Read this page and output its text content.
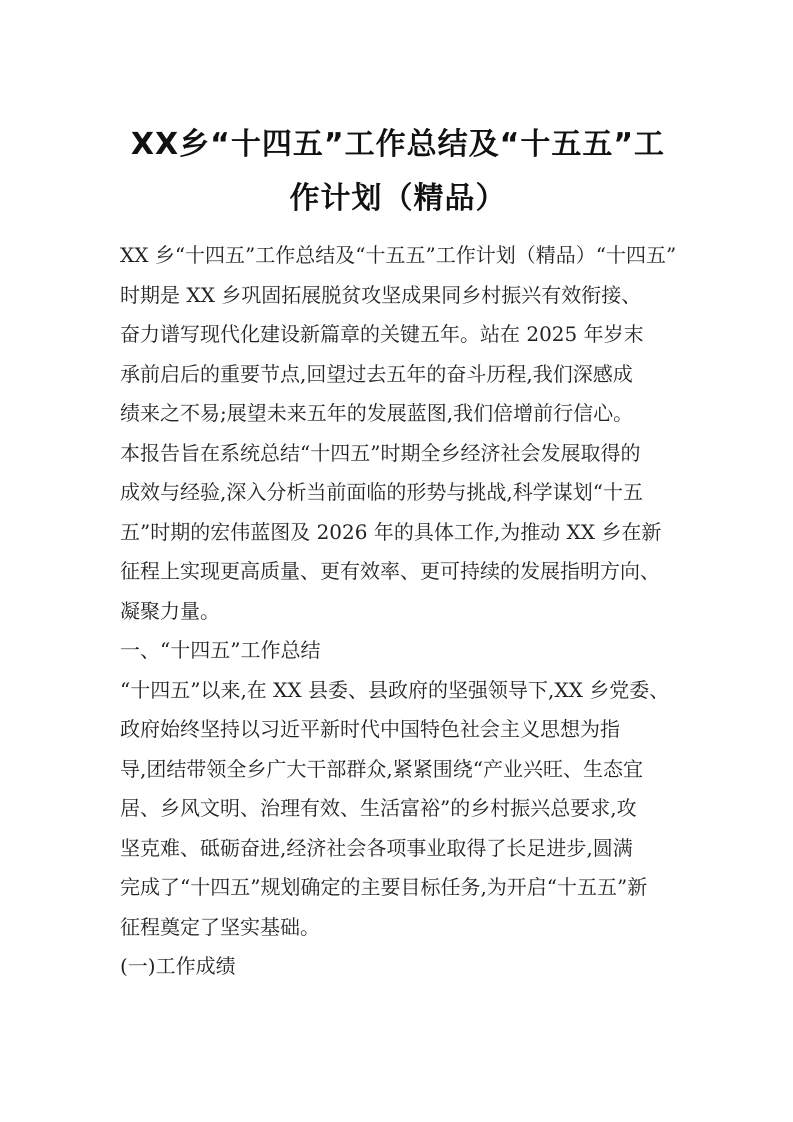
XX乡“十四五”工作总结及“十五五”工
作计划（精品）
XX 乡“十四五”工作总结及“十五五”工作计划（精品）“十四五”
时期是 XX 乡巩固拓展脱贫攻坚成果同乡村振兴有效衔接、
奋力谱写现代化建设新篇章的关键五年。站在 2025 年岁末
承前启后的重要节点,回望过去五年的奋斗历程,我们深感成
绩来之不易;展望未来五年的发展蓝图,我们倍增前行信心。
本报告旨在系统总结“十四五”时期全乡经济社会发展取得的
成效与经验,深入分析当前面临的形势与挑战,科学谋划“十五
五”时期的宏伟蓝图及 2026 年的具体工作,为推动 XX 乡在新
征程上实现更高质量、更有效率、更可持续的发展指明方向、
凝聚力量。
一、“十四五”工作总结
“十四五”以来,在 XX 县委、县政府的坚强领导下,XX 乡党委、
政府始终坚持以习近平新时代中国特色社会主义思想为指
导,团结带领全乡广大干部群众,紧紧围绕“产业兴旺、生态宜
居、乡风文明、治理有效、生活富裕”的乡村振兴总要求,攻
坚克难、砥砺奋进,经济社会各项事业取得了长足进步,圆满
完成了“十四五”规划确定的主要目标任务,为开启“十五五”新
征程奠定了坚实基础。
(一)工作成绩
